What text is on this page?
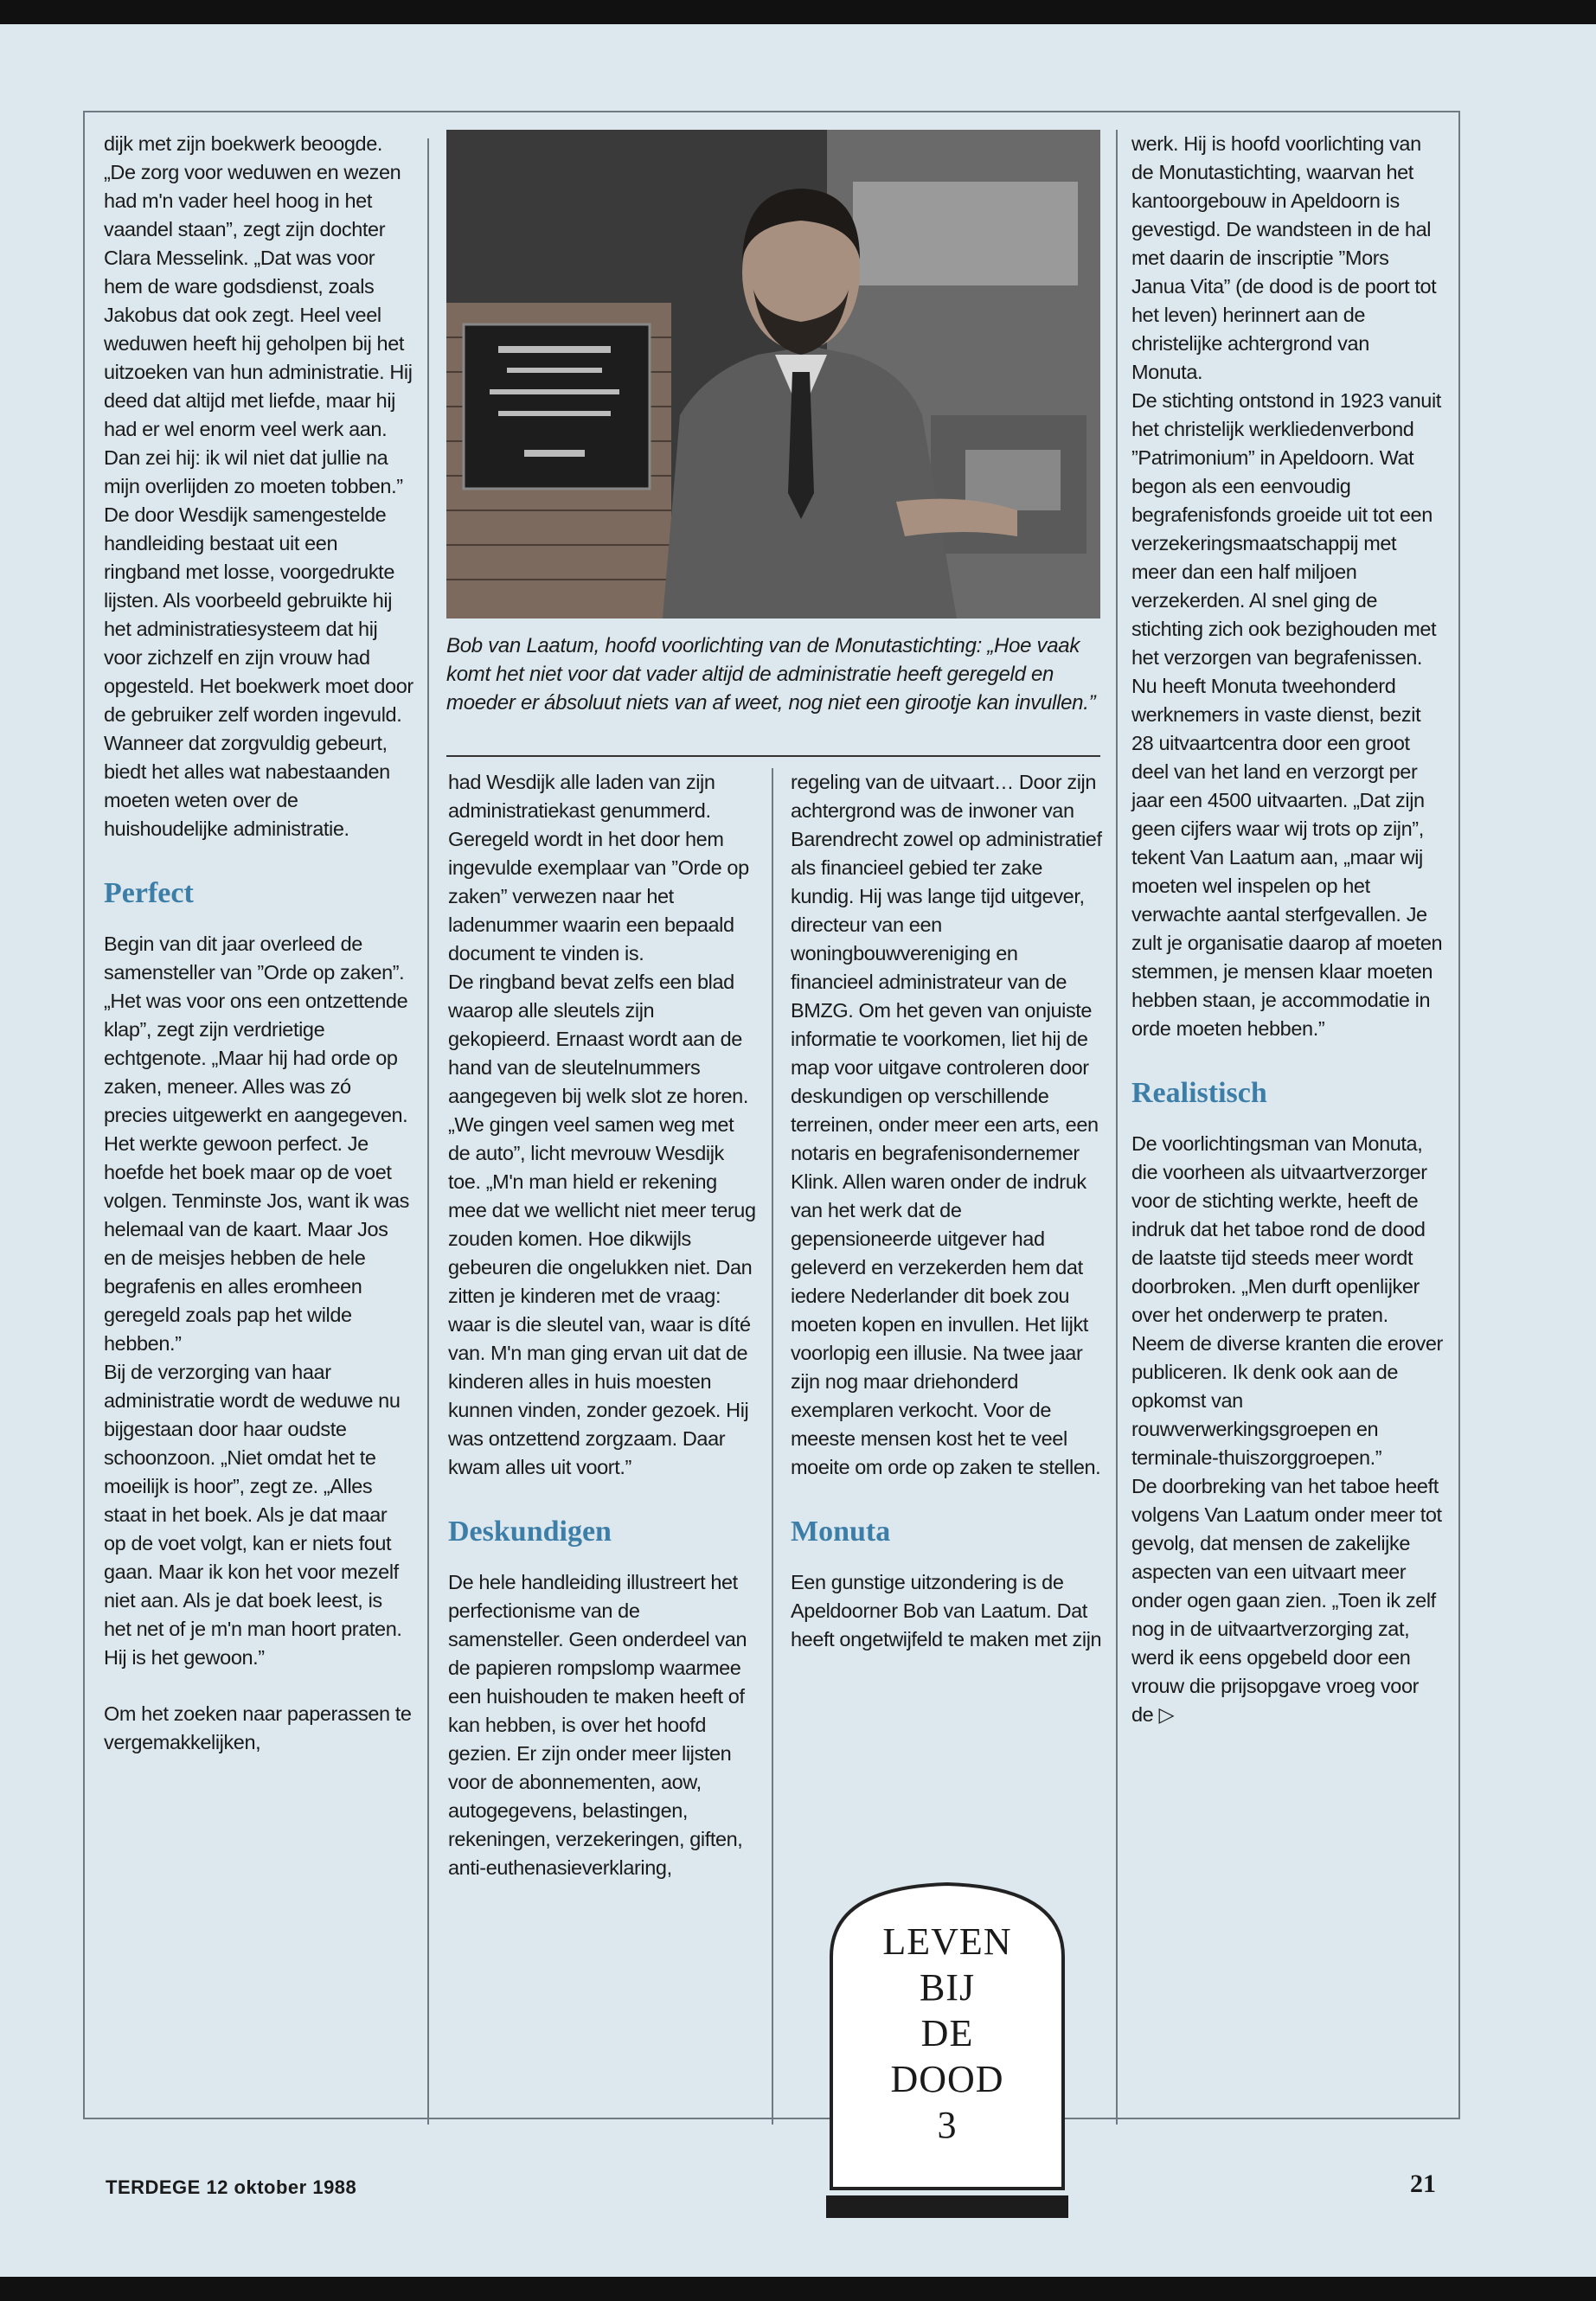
dijk met zijn boekwerk beoogde.

„De zorg voor weduwen en wezen had m'n vader heel hoog in het vaandel staan”, zegt zijn dochter Clara Messelink. „Dat was voor hem de ware godsdienst, zoals Jakobus dat ook zegt. Heel veel weduwen heeft hij geholpen bij het uitzoeken van hun administratie. Hij deed dat altijd met liefde, maar hij had er wel enorm veel werk aan. Dan zei hij: ik wil niet dat jullie na mijn overlijden zo moeten tobben.”

De door Wesdijk samengestelde handleiding bestaat uit een ringband met losse, voorgedrukte lijsten. Als voorbeeld gebruikte hij het administratiesysteem dat hij voor zichzelf en zijn vrouw had opgesteld. Het boekwerk moet door de gebruiker zelf worden ingevuld. Wanneer dat zorgvuldig gebeurt, biedt het alles wat nabestaanden moeten weten over de huishoudelijke administratie.

Perfect

Begin van dit jaar overleed de samensteller van ”Orde op zaken”. „Het was voor ons een ontzettende klap”, zegt zijn verdrietige echtgenote. „Maar hij had orde op zaken, meneer. Alles was zó precies uitgewerkt en aangegeven. Het werkte gewoon perfect. Je hoefde het boek maar op de voet volgen. Tenminste Jos, want ik was helemaal van de kaart. Maar Jos en de meisjes hebben de hele begrafenis en alles eromheen geregeld zoals pap het wilde hebben.”

Bij de verzorging van haar administratie wordt de weduwe nu bijgestaan door haar oudste schoonzoon. „Niet omdat het te moeilijk is hoor”, zegt ze. „Alles staat in het boek. Als je dat maar op de voet volgt, kan er niets fout gaan. Maar ik kon het voor mezelf niet aan. Als je dat boek leest, is het net of je m'n man hoort praten. Hij is het gewoon.”

Om het zoeken naar paperassen te vergemakkelijken,

Bob van Laatum, hoofd voorlichting van de Monutastichting: „Hoe vaak komt het niet voor dat vader altijd de administratie heeft geregeld en moeder er ábsoluut niets van af weet, nog niet een girootje kan invullen.”

had Wesdijk alle laden van zijn administratiekast genummerd. Geregeld wordt in het door hem ingevulde exemplaar van ”Orde op zaken” verwezen naar het ladenummer waarin een bepaald document te vinden is.

De ringband bevat zelfs een blad waarop alle sleutels zijn gekopieerd. Ernaast wordt aan de hand van de sleutelnummers aangegeven bij welk slot ze horen. „We gingen veel samen weg met de auto”, licht mevrouw Wesdijk toe. „M'n man hield er rekening mee dat we wellicht niet meer terug zouden komen. Hoe dikwijls gebeuren die ongelukken niet. Dan zitten je kinderen met de vraag: waar is die sleutel van, waar is díté van. M'n man ging ervan uit dat de kinderen alles in huis moesten kunnen vinden, zonder gezoek. Hij was ontzettend zorgzaam. Daar kwam alles uit voort.”

Deskundigen

De hele handleiding illustreert het perfectionisme van de samensteller. Geen onderdeel van de papieren rompslomp waarmee een huishouden te maken heeft of kan hebben, is over het hoofd gezien. Er zijn onder meer lijsten voor de abonnementen, aow, autogegevens, belastingen, rekeningen, verzekeringen, giften, anti-euthenasieverklaring,

regeling van de uitvaart… Door zijn achtergrond was de inwoner van Barendrecht zowel op administratief als financieel gebied ter zake kundig. Hij was lange tijd uitgever, directeur van een woningbouwvereniging en financieel administrateur van de BMZG. Om het geven van onjuiste informatie te voorkomen, liet hij de map voor uitgave controleren door deskundigen op verschillende terreinen, onder meer een arts, een notaris en begrafenisondernemer Klink. Allen waren onder de indruk van het werk dat de gepensioneerde uitgever had geleverd en verzekerden hem dat iedere Nederlander dit boek zou moeten kopen en invullen. Het lijkt voorlopig een illusie. Na twee jaar zijn nog maar driehonderd exemplaren verkocht. Voor de meeste mensen kost het te veel moeite om orde op zaken te stellen.

Monuta

Een gunstige uitzondering is de Apeldoorner Bob van Laatum. Dat heeft ongetwijfeld te maken met zijn

werk. Hij is hoofd voorlichting van de Monutastichting, waarvan het kantoorgebouw in Apeldoorn is gevestigd. De wandsteen in de hal met daarin de inscriptie ”Mors Janua Vita” (de dood is de poort tot het leven) herinnert aan de christelijke achtergrond van Monuta.

De stichting ontstond in 1923 vanuit het christelijk werkliedenverbond ”Patrimonium” in Apeldoorn. Wat begon als een eenvoudig begrafenisfonds groeide uit tot een verzekeringsmaatschappij met meer dan een half miljoen verzekerden. Al snel ging de stichting zich ook bezighouden met het verzorgen van begrafenissen.

Nu heeft Monuta tweehonderd werknemers in vaste dienst, bezit 28 uitvaartcentra door een groot deel van het land en verzorgt per jaar een 4500 uitvaarten. „Dat zijn geen cijfers waar wij trots op zijn”, tekent Van Laatum aan, „maar wij moeten wel inspelen op het verwachte aantal sterfgevallen. Je zult je organisatie daarop af moeten stemmen, je mensen klaar moeten hebben staan, je accommodatie in orde moeten hebben.”

Realistisch

De voorlichtingsman van Monuta, die voorheen als uitvaartverzorger voor de stichting werkte, heeft de indruk dat het taboe rond de dood de laatste tijd steeds meer wordt doorbroken. „Men durft openlijker over het onderwerp te praten. Neem de diverse kranten die erover publiceren. Ik denk ook aan de opkomst van rouwverwerkingsgroepen en terminale-thuiszorggroepen.”

De doorbreking van het taboe heeft volgens Van Laatum onder meer tot gevolg, dat mensen de zakelijke aspecten van een uitvaart meer onder ogen gaan zien. „Toen ik zelf nog in de uitvaartverzorging zat, werd ik eens opgebeld door een vrouw die prijsopgave vroeg voor de ▷

LEVEN
BIJ
DE
DOOD
3
TERDEGE 12 oktober 1988	21
